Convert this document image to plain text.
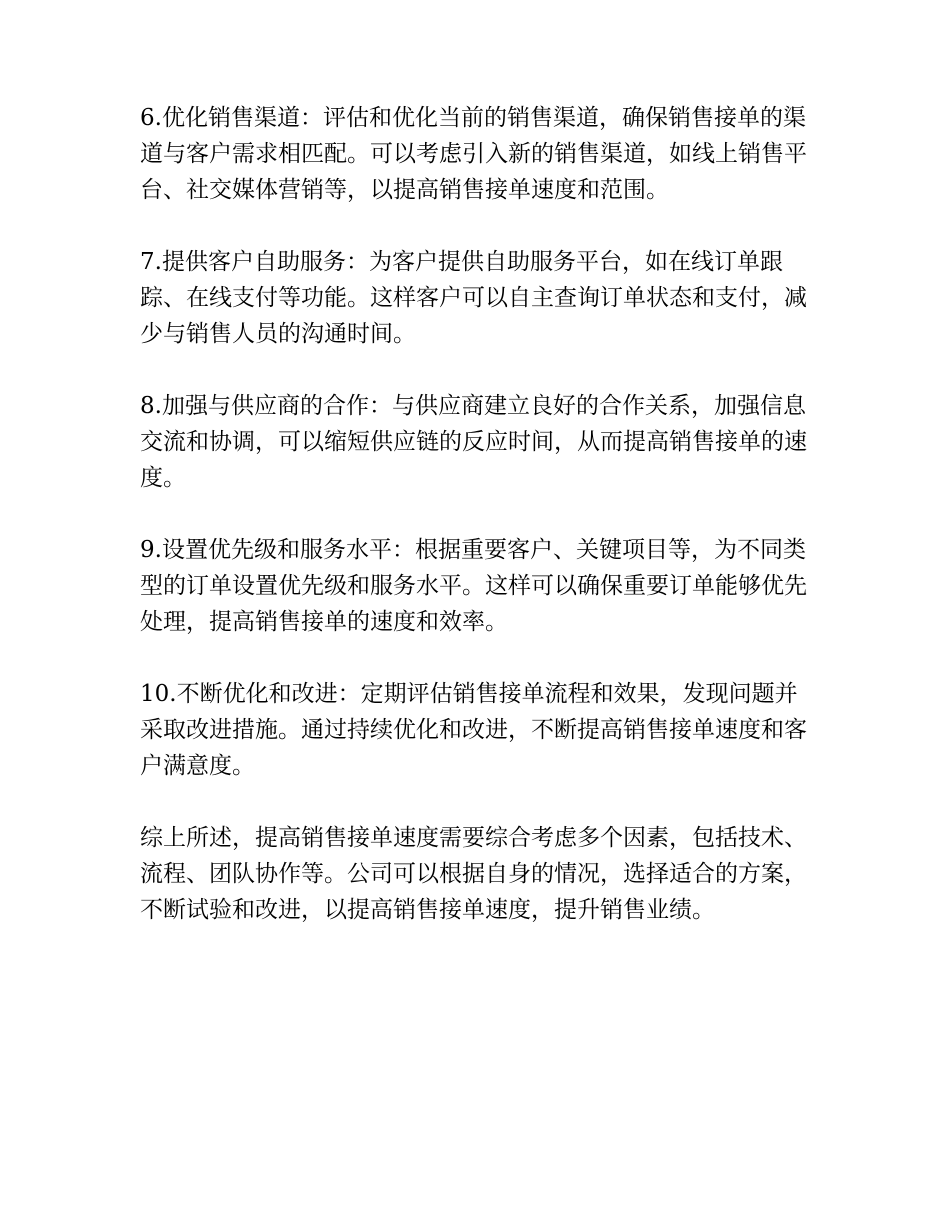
6.优化销售渠道：评估和优化当前的销售渠道，确保销售接单的渠道与客户需求相匹配。可以考虑引入新的销售渠道，如线上销售平台、社交媒体营销等，以提高销售接单速度和范围。

7.提供客户自助服务：为客户提供自助服务平台，如在线订单跟踪、在线支付等功能。这样客户可以自主查询订单状态和支付，减少与销售人员的沟通时间。

8.加强与供应商的合作：与供应商建立良好的合作关系，加强信息交流和协调，可以缩短供应链的反应时间，从而提高销售接单的速度。

9.设置优先级和服务水平：根据重要客户、关键项目等，为不同类型的订单设置优先级和服务水平。这样可以确保重要订单能够优先处理，提高销售接单的速度和效率。

10.不断优化和改进：定期评估销售接单流程和效果，发现问题并采取改进措施。通过持续优化和改进，不断提高销售接单速度和客户满意度。

综上所述，提高销售接单速度需要综合考虑多个因素，包括技术、流程、团队协作等。公司可以根据自身的情况，选择适合的方案，不断试验和改进，以提高销售接单速度，提升销售业绩。
